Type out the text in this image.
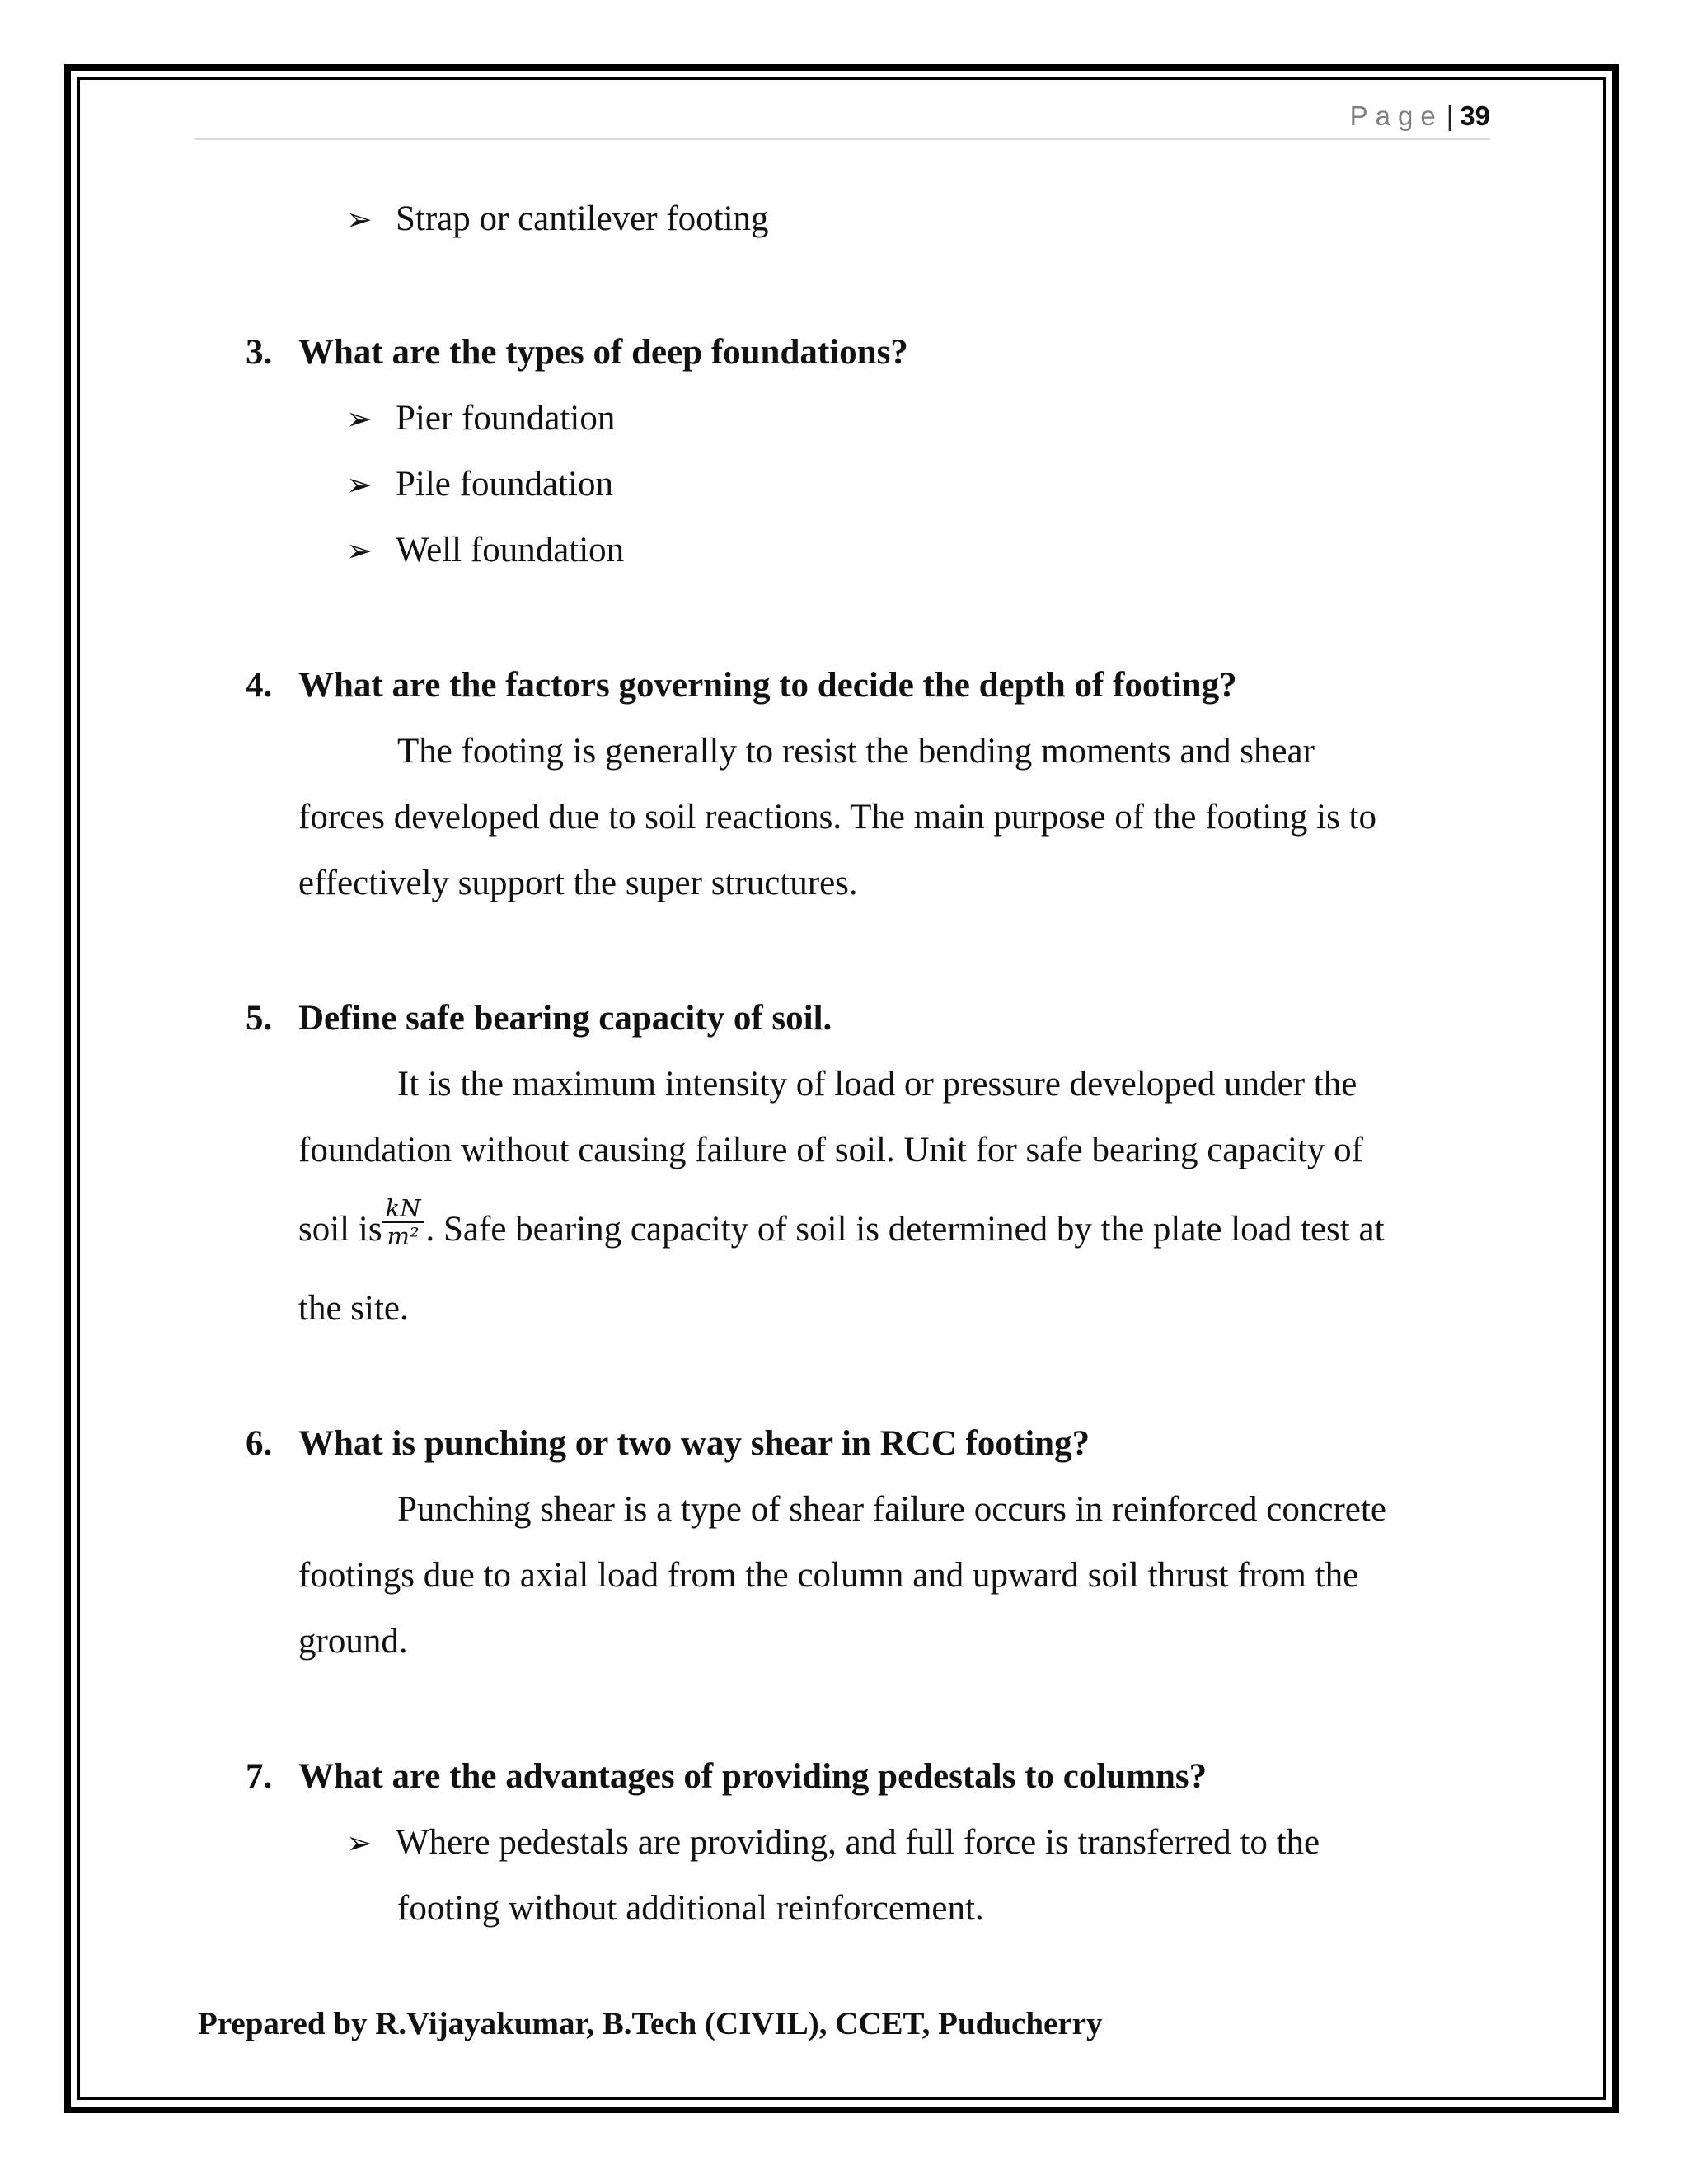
Page | 39
➢ Strap or cantilever footing
3. What are the types of deep foundations?
➢ Pier foundation
➢ Pile foundation
➢ Well foundation
4. What are the factors governing to decide the depth of footing?
The footing is generally to resist the bending moments and shear
forces developed due to soil reactions. The main purpose of the footing is to
effectively support the super structures.
5. Define safe bearing capacity of soil.
It is the maximum intensity of load or pressure developed under the
foundation without causing failure of soil. Unit for safe bearing capacity of
soil is $\frac{kN}{\text{m²}}$ . Safe bearing capacity of soil is determined by the plate load test at
the site.
6. What is punching or two way shear in RCC footing?
Punching shear is a type of shear failure occurs in reinforced concrete
footings due to axial load from the column and upward soil thrust from the
ground.
7. What are the advantages of providing pedestals to columns?
➢ Where pedestals are providing, and full force is transferred to the
footing without additional reinforcement.
Prepared by R.Vijayakumar, B.Tech (CIVIL), CCET, Puducherry
